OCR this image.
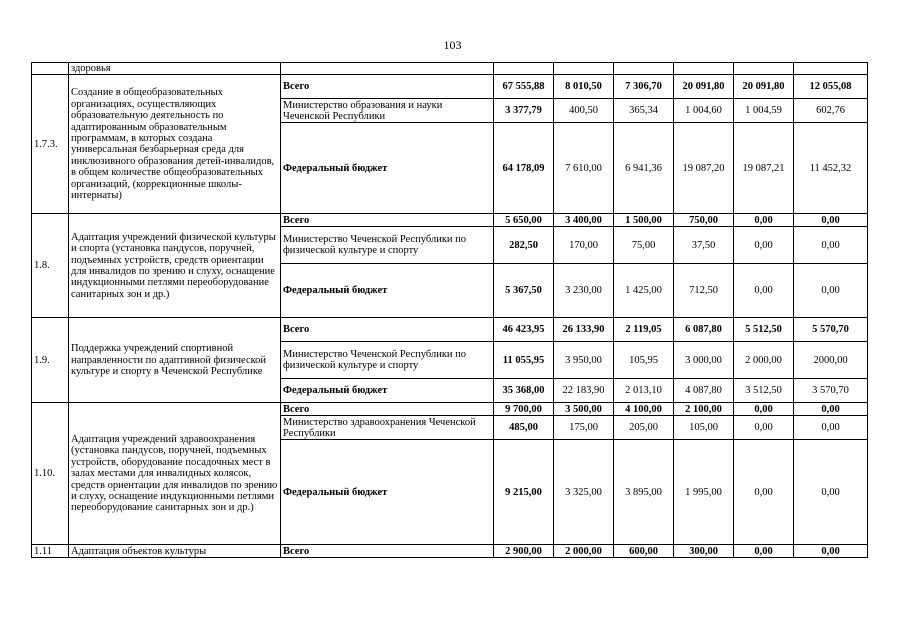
103
	здоровья							
1.7.3.	Создание в общеобразовательных организациях, осуществляющих образовательную деятельность по адаптированным образовательным программам, в которых создана универсальная безбарьерная среда для инклюзивного образования детей-инвалидов, в общем количестве общеобразовательных организаций, (коррекционные школы-интернаты)	Всего	67 555,88	8 010,50	7 306,70	20 091,80	20 091,80	12 055,08
		Министерство образования и науки Чеченской Республики	3 377,79	400,50	365,34	1 004,60	1 004,59	602,76
		Федеральный бюджет	64 178,09	7 610,00	6 941,36	19 087,20	19 087,21	11 452,32
1.8.	Адаптация учреждений физической культуры и спорта (установка пандусов, поручней, подъемных устройств, средств ориентации для инвалидов по зрению и слуху, оснащение индукционными петлями переоборудование санитарных зон и др.)	Всего	5 650,00	3 400,00	1 500,00	750,00	0,00	0,00
		Министерство Чеченской Республики по физической культуре и спорту	282,50	170,00	75,00	37,50	0,00	0,00
		Федеральный бюджет	5 367,50	3 230,00	1 425,00	712,50	0,00	0,00
1.9.	Поддержка учреждений спортивной направленности по адаптивной физической культуре и спорту в Чеченской Республике	Всего	46 423,95	26 133,90	2 119,05	6 087,80	5 512,50	5 570,70
		Министерство Чеченской Республики по физической культуре и спорту	11 055,95	3 950,00	105,95	3 000,00	2 000,00	2000,00
		Федеральный бюджет	35 368,00	22 183,90	2 013,10	4 087,80	3 512,50	3 570,70
1.10.	Адаптация учреждений здравоохранения (установка пандусов, поручней, подъемных устройств, оборудование посадочных мест в залах местами для инвалидных колясок, средств ориентации для инвалидов по зрению и слуху, оснащение индукционными петлями переоборудование санитарных зон и др.)	Всего	9 700,00	3 500,00	4 100,00	2 100,00	0,00	0,00
		Министерство здравоохранения Чеченской Республики	485,00	175,00	205,00	105,00	0,00	0,00
		Федеральный бюджет	9 215,00	3 325,00	3 895,00	1 995,00	0,00	0,00
1.11	Адаптация объектов культуры	Всего	2 900,00	2 000,00	600,00	300,00	0,00	0,00
